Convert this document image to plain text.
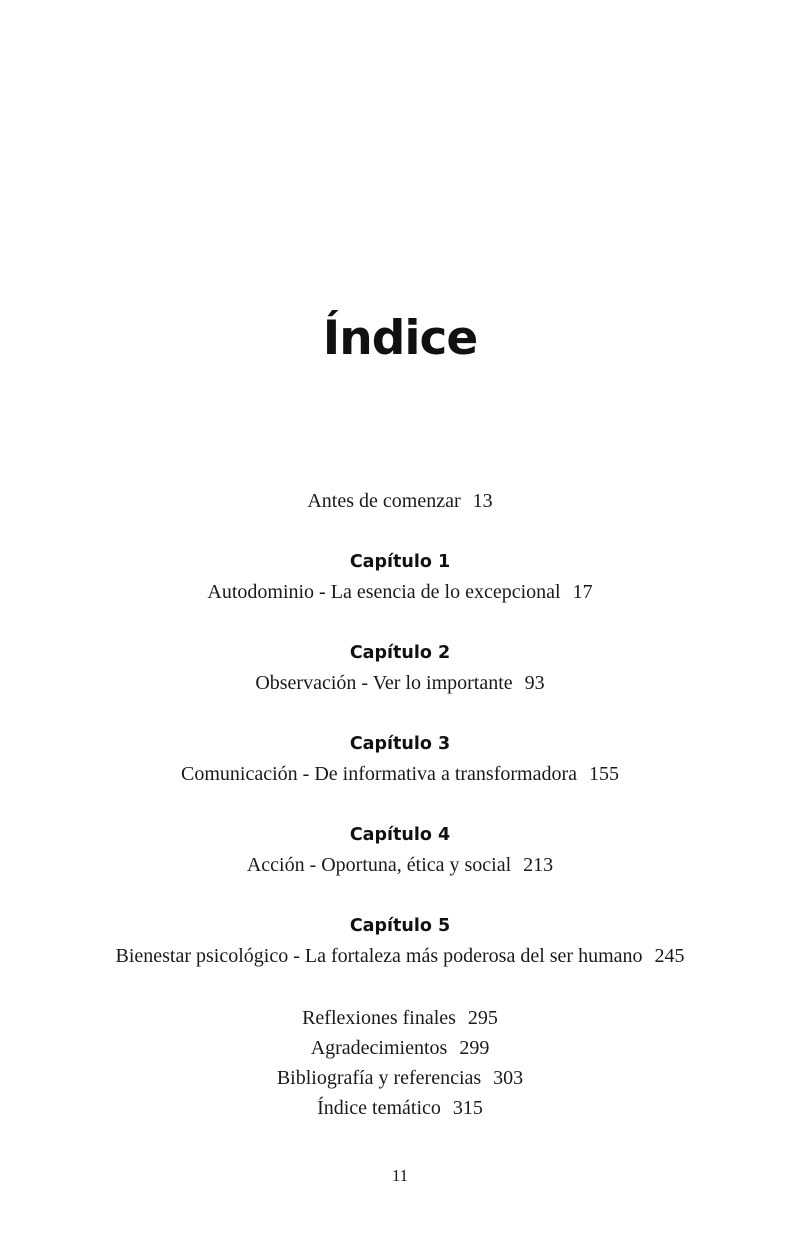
Índice
Antes de comenzar 13
Capítulo 1
Autodominio - La esencia de lo excepcional 17
Capítulo 2
Observación - Ver lo importante 93
Capítulo 3
Comunicación - De informativa a transformadora 155
Capítulo 4
Acción - Oportuna, ética y social 213
Capítulo 5
Bienestar psicológico - La fortaleza más poderosa del ser humano 245
Reflexiones finales 295
Agradecimientos 299
Bibliografía y referencias 303
Índice temático 315
11
